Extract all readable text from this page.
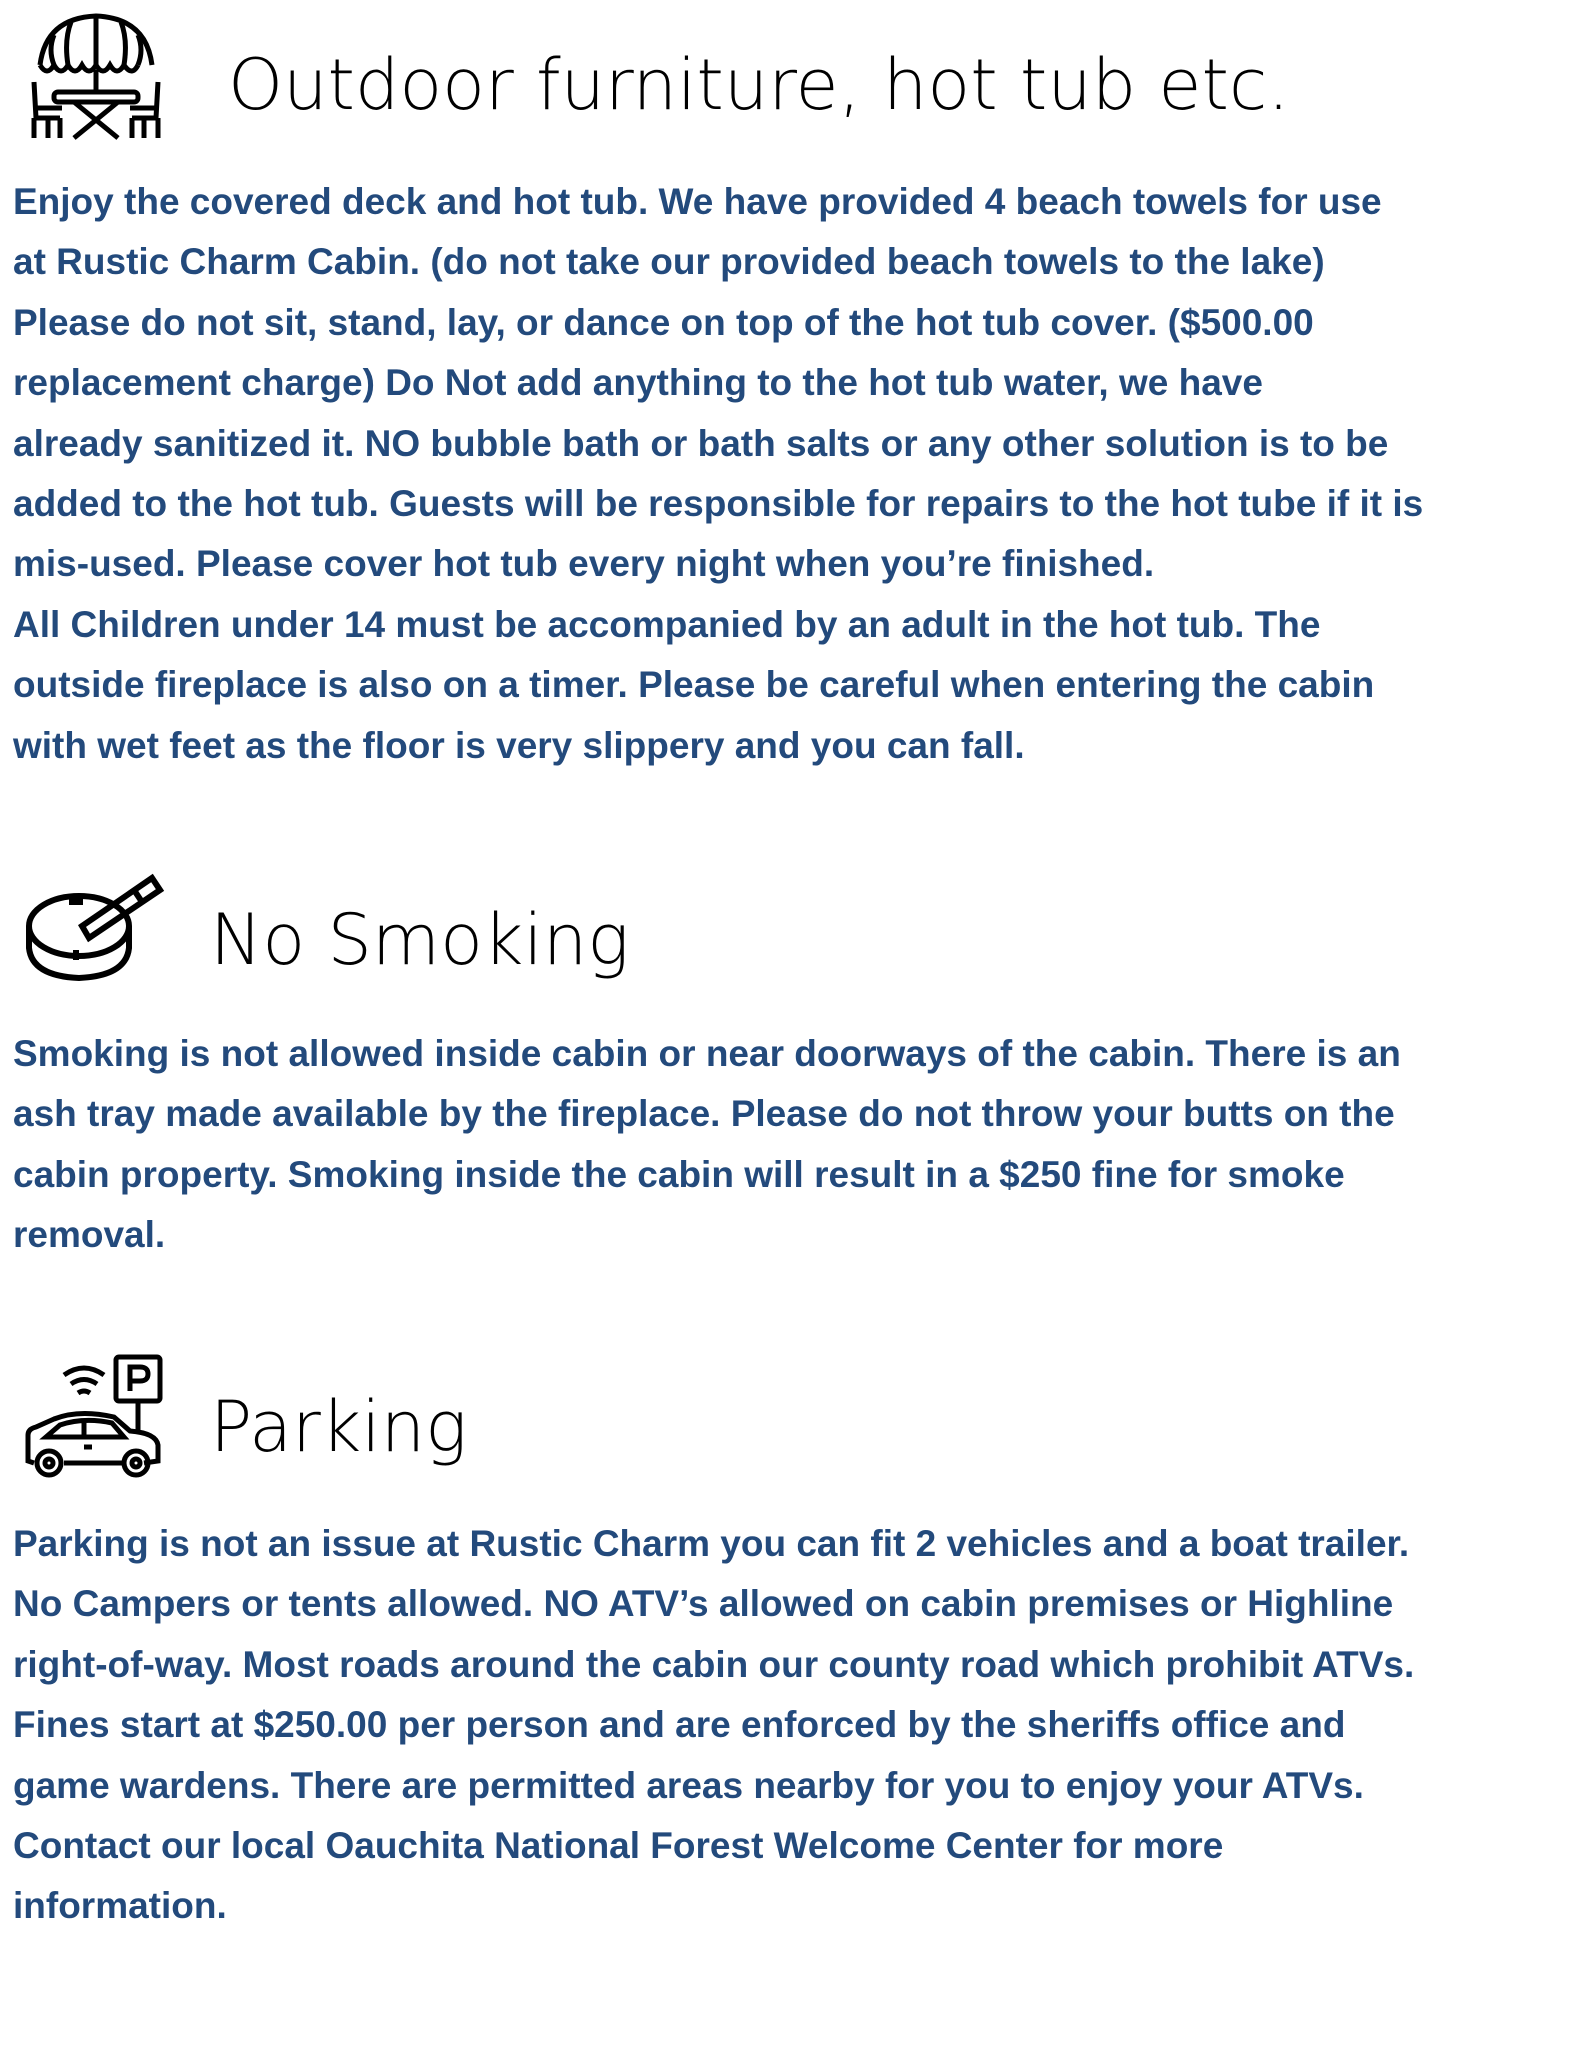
Outdoor furniture, hot tub etc.
Enjoy the covered deck and hot tub. We have provided 4 beach towels for use
at Rustic Charm Cabin. (do not take our provided beach towels to the lake)
Please do not sit, stand, lay, or dance on top of the hot tub cover. ($500.00
replacement charge) Do Not add anything to the hot tub water, we have
already sanitized it. NO bubble bath or bath salts or any other solution is to be
added to the hot tub. Guests will be responsible for repairs to the hot tube if it is
mis-used. Please cover hot tub every night when you’re finished.
All Children under 14 must be accompanied by an adult in the hot tub. The
outside fireplace is also on a timer. Please be careful when entering the cabin
with wet feet as the floor is very slippery and you can fall.
No Smoking
Smoking is not allowed inside cabin or near doorways of the cabin. There is an
ash tray made available by the fireplace. Please do not throw your butts on the
cabin property. Smoking inside the cabin will result in a $250 fine for smoke
removal.
Parking
Parking is not an issue at Rustic Charm you can fit 2 vehicles and a boat trailer.
No Campers or tents allowed. NO ATV’s allowed on cabin premises or Highline
right-of-way. Most roads around the cabin our county road which prohibit ATVs.
Fines start at $250.00 per person and are enforced by the sheriffs office and
game wardens. There are permitted areas nearby for you to enjoy your ATVs.
Contact our local Oauchita National Forest Welcome Center for more
information.
